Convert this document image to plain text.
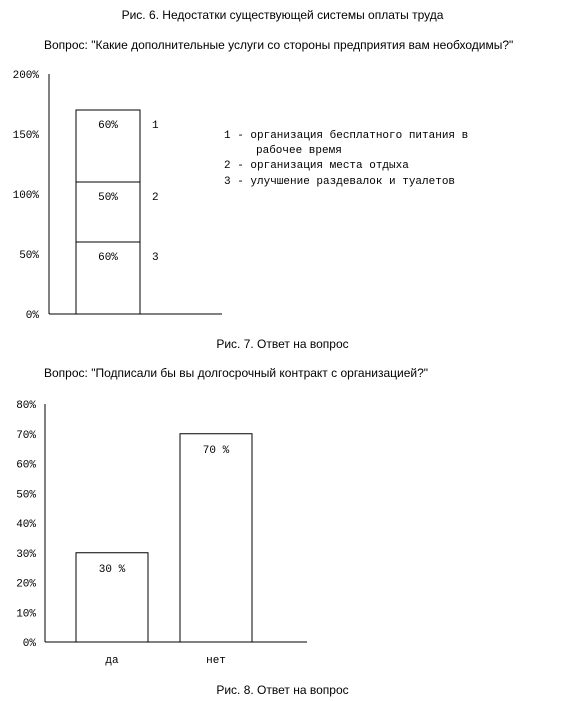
Рис. 6. Недостатки существующей системы оплаты труда
Вопрос: "Какие дополнительные услуги со стороны предприятия вам необходимы?"
0%
50%
100%
150%
200%
60%	3
50%	2
60%	1
1 - организация бесплатного питания в
рабочее время
2 - организация места отдыха
3 - улучшение раздевалок и туалетов
Рис. 7. Ответ на вопрос
Вопрос: "Подписали бы вы долгосрочный контракт с организацией?"
0%
10%
20%
30%
40%
50%
60%
70%
80%
30 %
да
70 %
нет
Рис. 8. Ответ на вопрос
